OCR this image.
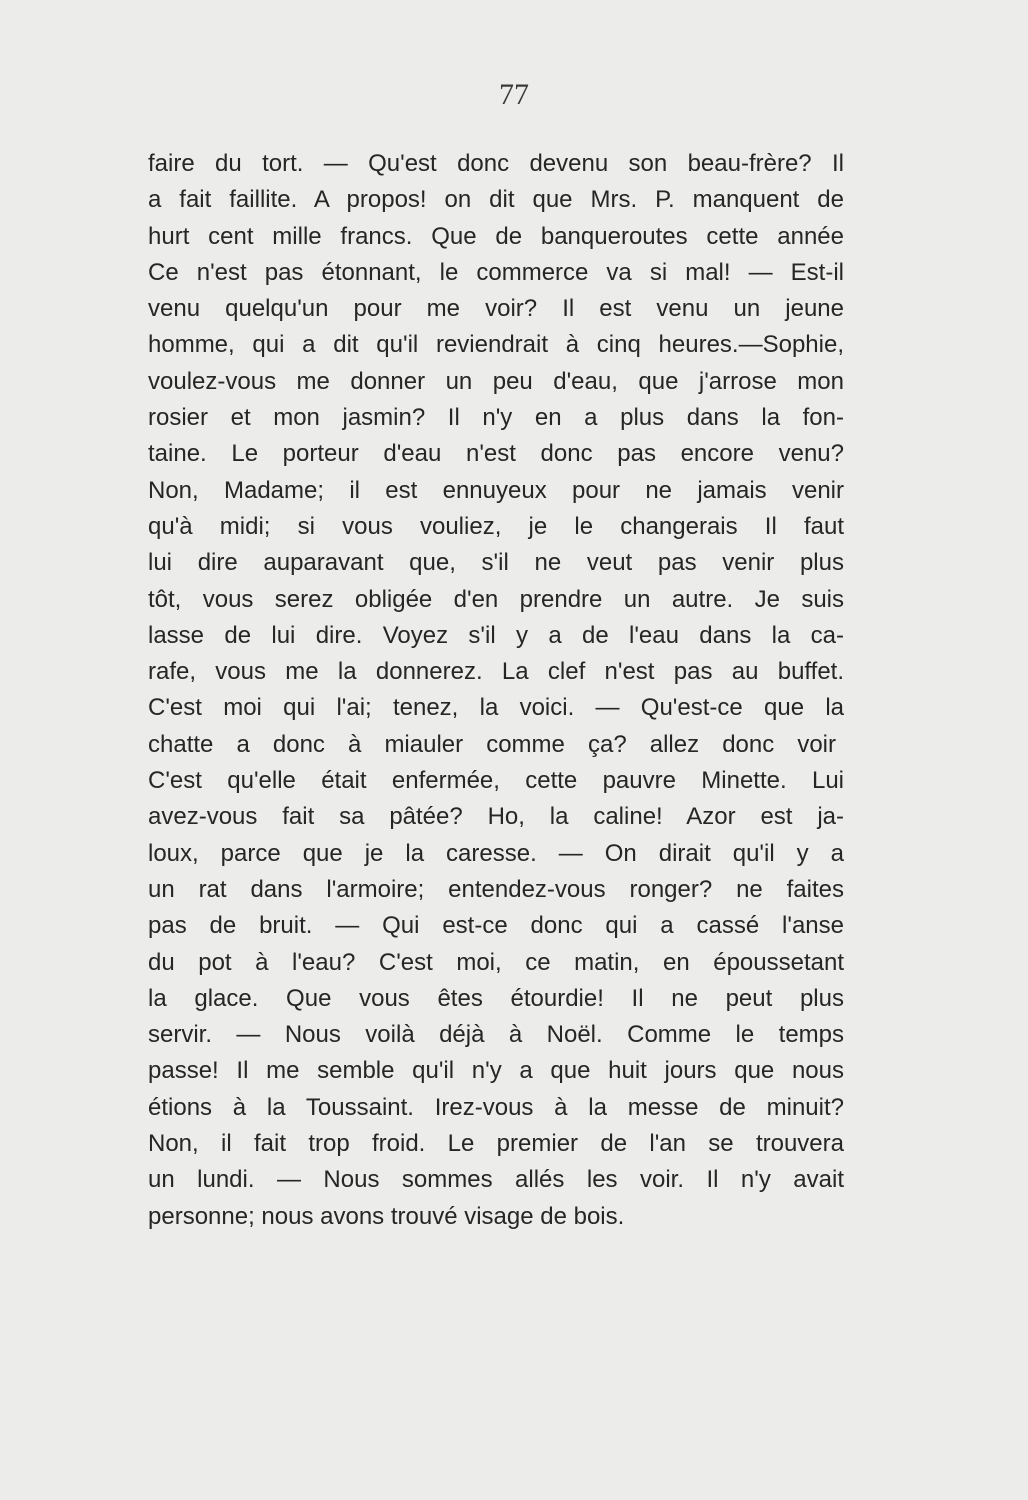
77
faire du tort. — Qu'est donc devenu son beau-frère? Il
a fait faillite. A propos! on dit que Mrs. P. manquent de
hurt cent mille francs. Que de banqueroutes cette année
Ce n'est pas étonnant, le commerce va si mal! — Est-il
venu quelqu'un pour me voir? Il est venu un jeune
homme, qui a dit qu'il reviendrait à cinq heures.—Sophie,
voulez-vous me donner un peu d'eau, que j'arrose mon
rosier et mon jasmin? Il n'y en a plus dans la fon-
taine. Le porteur d'eau n'est donc pas encore venu?
Non, Madame; il est ennuyeux pour ne jamais venir
qu'à midi; si vous vouliez, je le changerais Il faut
lui dire auparavant que, s'il ne veut pas venir plus
tôt, vous serez obligée d'en prendre un autre. Je suis
lasse de lui dire. Voyez s'il y a de l'eau dans la ca-
rafe, vous me la donnerez. La clef n'est pas au buffet.
C'est moi qui l'ai; tenez, la voici. — Qu'est-ce que la
chatte a donc à miauler comme ça? allez donc voir
C'est qu'elle était enfermée, cette pauvre Minette. Lui
avez-vous fait sa pâtée? Ho, la caline! Azor est ja-
loux, parce que je la caresse. — On dirait qu'il y a
un rat dans l'armoire; entendez-vous ronger? ne faites
pas de bruit. — Qui est-ce donc qui a cassé l'anse
du pot à l'eau? C'est moi, ce matin, en époussetant
la glace. Que vous êtes étourdie! Il ne peut plus
servir. — Nous voilà déjà à Noël. Comme le temps
passe! Il me semble qu'il n'y a que huit jours que nous
étions à la Toussaint. Irez-vous à la messe de minuit?
Non, il fait trop froid. Le premier de l'an se trouvera
un lundi. — Nous sommes allés les voir. Il n'y avait
personne; nous avons trouvé visage de bois.
